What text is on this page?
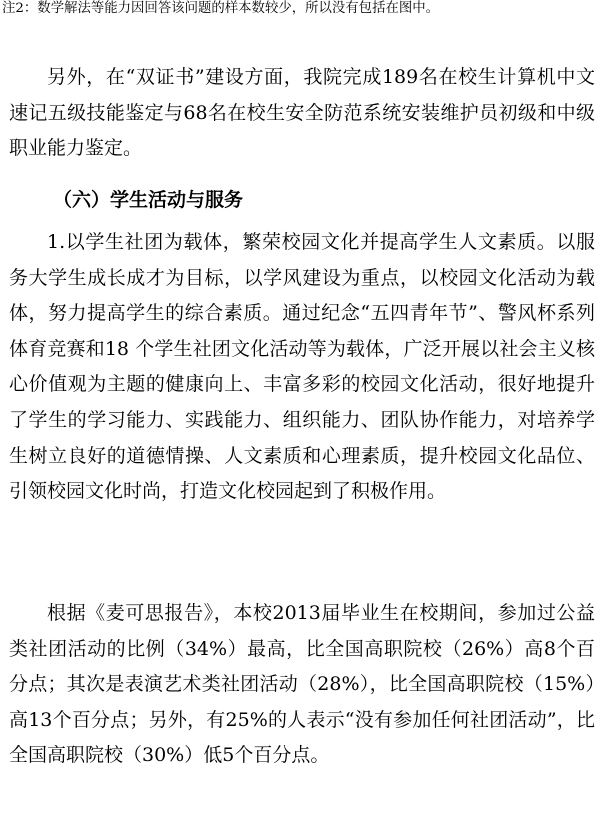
注2：数学解法等能力因回答该问题的样本数较少，所以没有包括在图中。

另外，在“双证书”建设方面，我院完成189名在校生计算机中文速记五级技能鉴定与68名在校生安全防范系统安装维护员初级和中级职业能力鉴定。

（六）学生活动与服务

1.以学生社团为载体，繁荣校园文化并提高学生人文素质。以服务大学生成长成才为目标，以学风建设为重点，以校园文化活动为载体，努力提高学生的综合素质。通过纪念“五四青年节”、警风杯系列体育竞赛和18 个学生社团文化活动等为载体，广泛开展以社会主义核心价值观为主题的健康向上、丰富多彩的校园文化活动，很好地提升了学生的学习能力、实践能力、组织能力、团队协作能力，对培养学生树立良好的道德情操、人文素质和心理素质，提升校园文化品位、引领校园文化时尚，打造文化校园起到了积极作用。

根据《麦可思报告》，本校2013届毕业生在校期间，参加过公益类社团活动的比例（34%）最高，比全国高职院校（26%）高8个百分点；其次是表演艺术类社团活动（28%），比全国高职院校（15%）高13个百分点；另外，有25%的人表示“没有参加任何社团活动”，比全国高职院校（30%）低5个百分点。
